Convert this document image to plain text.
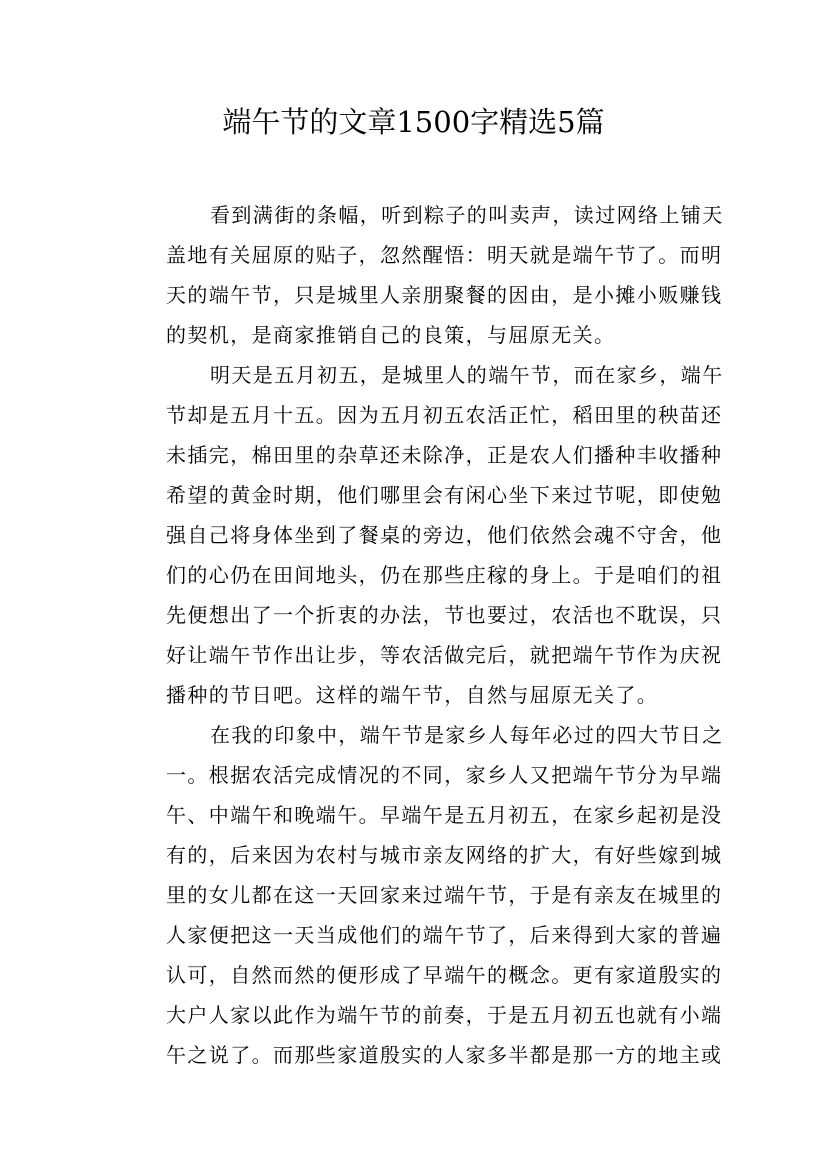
端午节的文章1500字精选5篇
看到满街的条幅，听到粽子的叫卖声，读过网络上铺天
盖地有关屈原的贴子，忽然醒悟：明天就是端午节了。而明
天的端午节，只是城里人亲朋聚餐的因由，是小摊小贩赚钱
的契机，是商家推销自己的良策，与屈原无关。
明天是五月初五，是城里人的端午节，而在家乡，端午
节却是五月十五。因为五月初五农活正忙，稻田里的秧苗还
未插完，棉田里的杂草还未除净，正是农人们播种丰收播种
希望的黄金时期，他们哪里会有闲心坐下来过节呢，即使勉
强自己将身体坐到了餐桌的旁边，他们依然会魂不守舍，他
们的心仍在田间地头，仍在那些庄稼的身上。于是咱们的祖
先便想出了一个折衷的办法，节也要过，农活也不耽误，只
好让端午节作出让步，等农活做完后，就把端午节作为庆祝
播种的节日吧。这样的端午节，自然与屈原无关了。
在我的印象中，端午节是家乡人每年必过的四大节日之
一。根据农活完成情况的不同，家乡人又把端午节分为早端
午、中端午和晚端午。早端午是五月初五，在家乡起初是没
有的，后来因为农村与城市亲友网络的扩大，有好些嫁到城
里的女儿都在这一天回家来过端午节，于是有亲友在城里的
人家便把这一天当成他们的端午节了，后来得到大家的普遍
认可，自然而然的便形成了早端午的概念。更有家道殷实的
大户人家以此作为端午节的前奏，于是五月初五也就有小端
午之说了。而那些家道殷实的人家多半都是那一方的地主或
